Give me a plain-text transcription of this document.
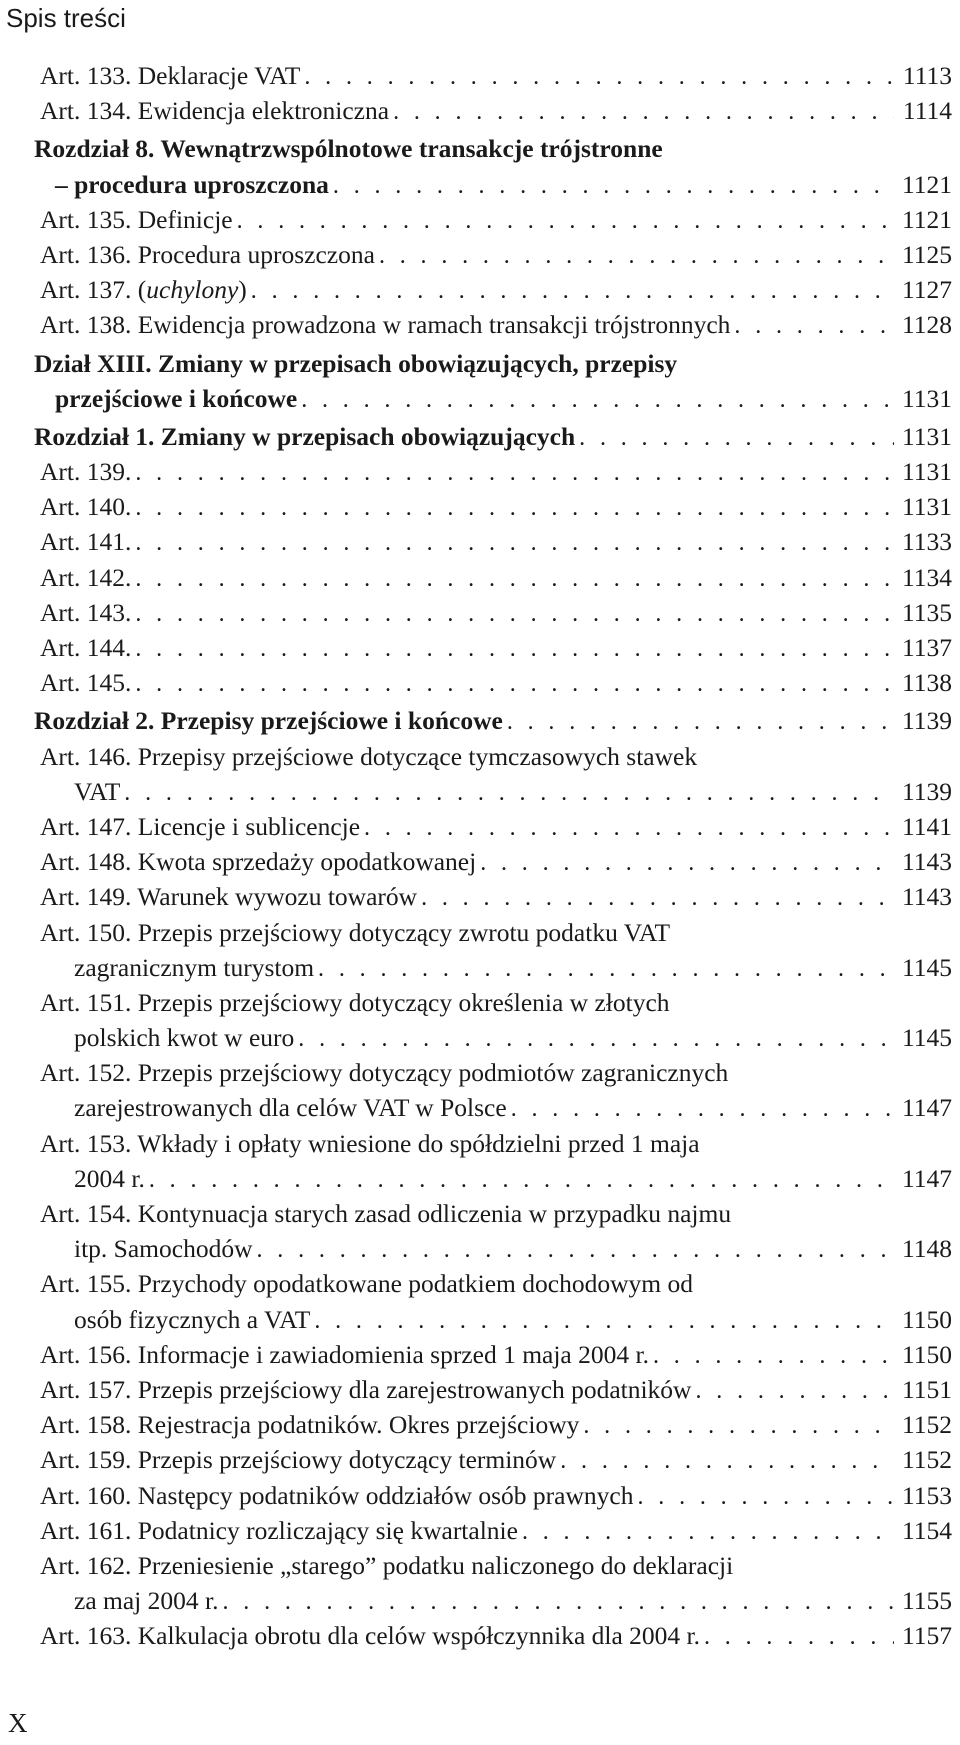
Spis treści
Art. 133. Deklaracje VAT . . .	1113
Art. 134. Ewidencja elektroniczna . . .	1114
Rozdział 8. Wewnątrzwspólnotowe transakcje trójstronne
– procedura uproszczona . . .	1121
Art. 135. Definicje . . .	1121
Art. 136. Procedura uproszczona . . .	1125
Art. 137. (uchylony) . . .	1127
Art. 138. Ewidencja prowadzona w ramach transakcji trójstronnych . . .	1128
Dział XIII. Zmiany w przepisach obowiązujących, przepisy
przejściowe i końcowe . . .	1131
Rozdział 1. Zmiany w przepisach obowiązujących . . .	1131
Art. 139. . . .	1131
Art. 140. . . .	1131
Art. 141. . . .	1133
Art. 142. . . .	1134
Art. 143. . . .	1135
Art. 144. . . .	1137
Art. 145. . . .	1138
Rozdział 2. Przepisy przejściowe i końcowe . . .	1139
Art. 146. Przepisy przejściowe dotyczące tymczasowych stawek
VAT . . .	1139
Art. 147. Licencje i sublicencje . . .	1141
Art. 148. Kwota sprzedaży opodatkowanej . . .	1143
Art. 149. Warunek wywozu towarów . . .	1143
Art. 150. Przepis przejściowy dotyczący zwrotu podatku VAT
zagranicznym turystom . . .	1145
Art. 151. Przepis przejściowy dotyczący określenia w złotych
polskich kwot w euro . . .	1145
Art. 152. Przepis przejściowy dotyczący podmiotów zagranicznych
zarejestrowanych dla celów VAT w Polsce . . .	1147
Art. 153. Wkłady i opłaty wniesione do spółdzielni przed 1 maja
2004 r. . . .	1147
Art. 154. Kontynuacja starych zasad odliczenia w przypadku najmu
itp. Samochodów . . .	1148
Art. 155. Przychody opodatkowane podatkiem dochodowym od
osób fizycznych a VAT . . .	1150
Art. 156. Informacje i zawiadomienia sprzed 1 maja 2004 r. . . .	1150
Art. 157. Przepis przejściowy dla zarejestrowanych podatników . . .	1151
Art. 158. Rejestracja podatników. Okres przejściowy . . .	1152
Art. 159. Przepis przejściowy dotyczący terminów . . .	1152
Art. 160. Następcy podatników oddziałów osób prawnych . . .	1153
Art. 161. Podatnicy rozliczający się kwartalnie . . .	1154
Art. 162. Przeniesienie „starego” podatku naliczonego do deklaracji
za maj 2004 r. . . .	1155
Art. 163. Kalkulacja obrotu dla celów współczynnika dla 2004 r. . . .	1157
X
